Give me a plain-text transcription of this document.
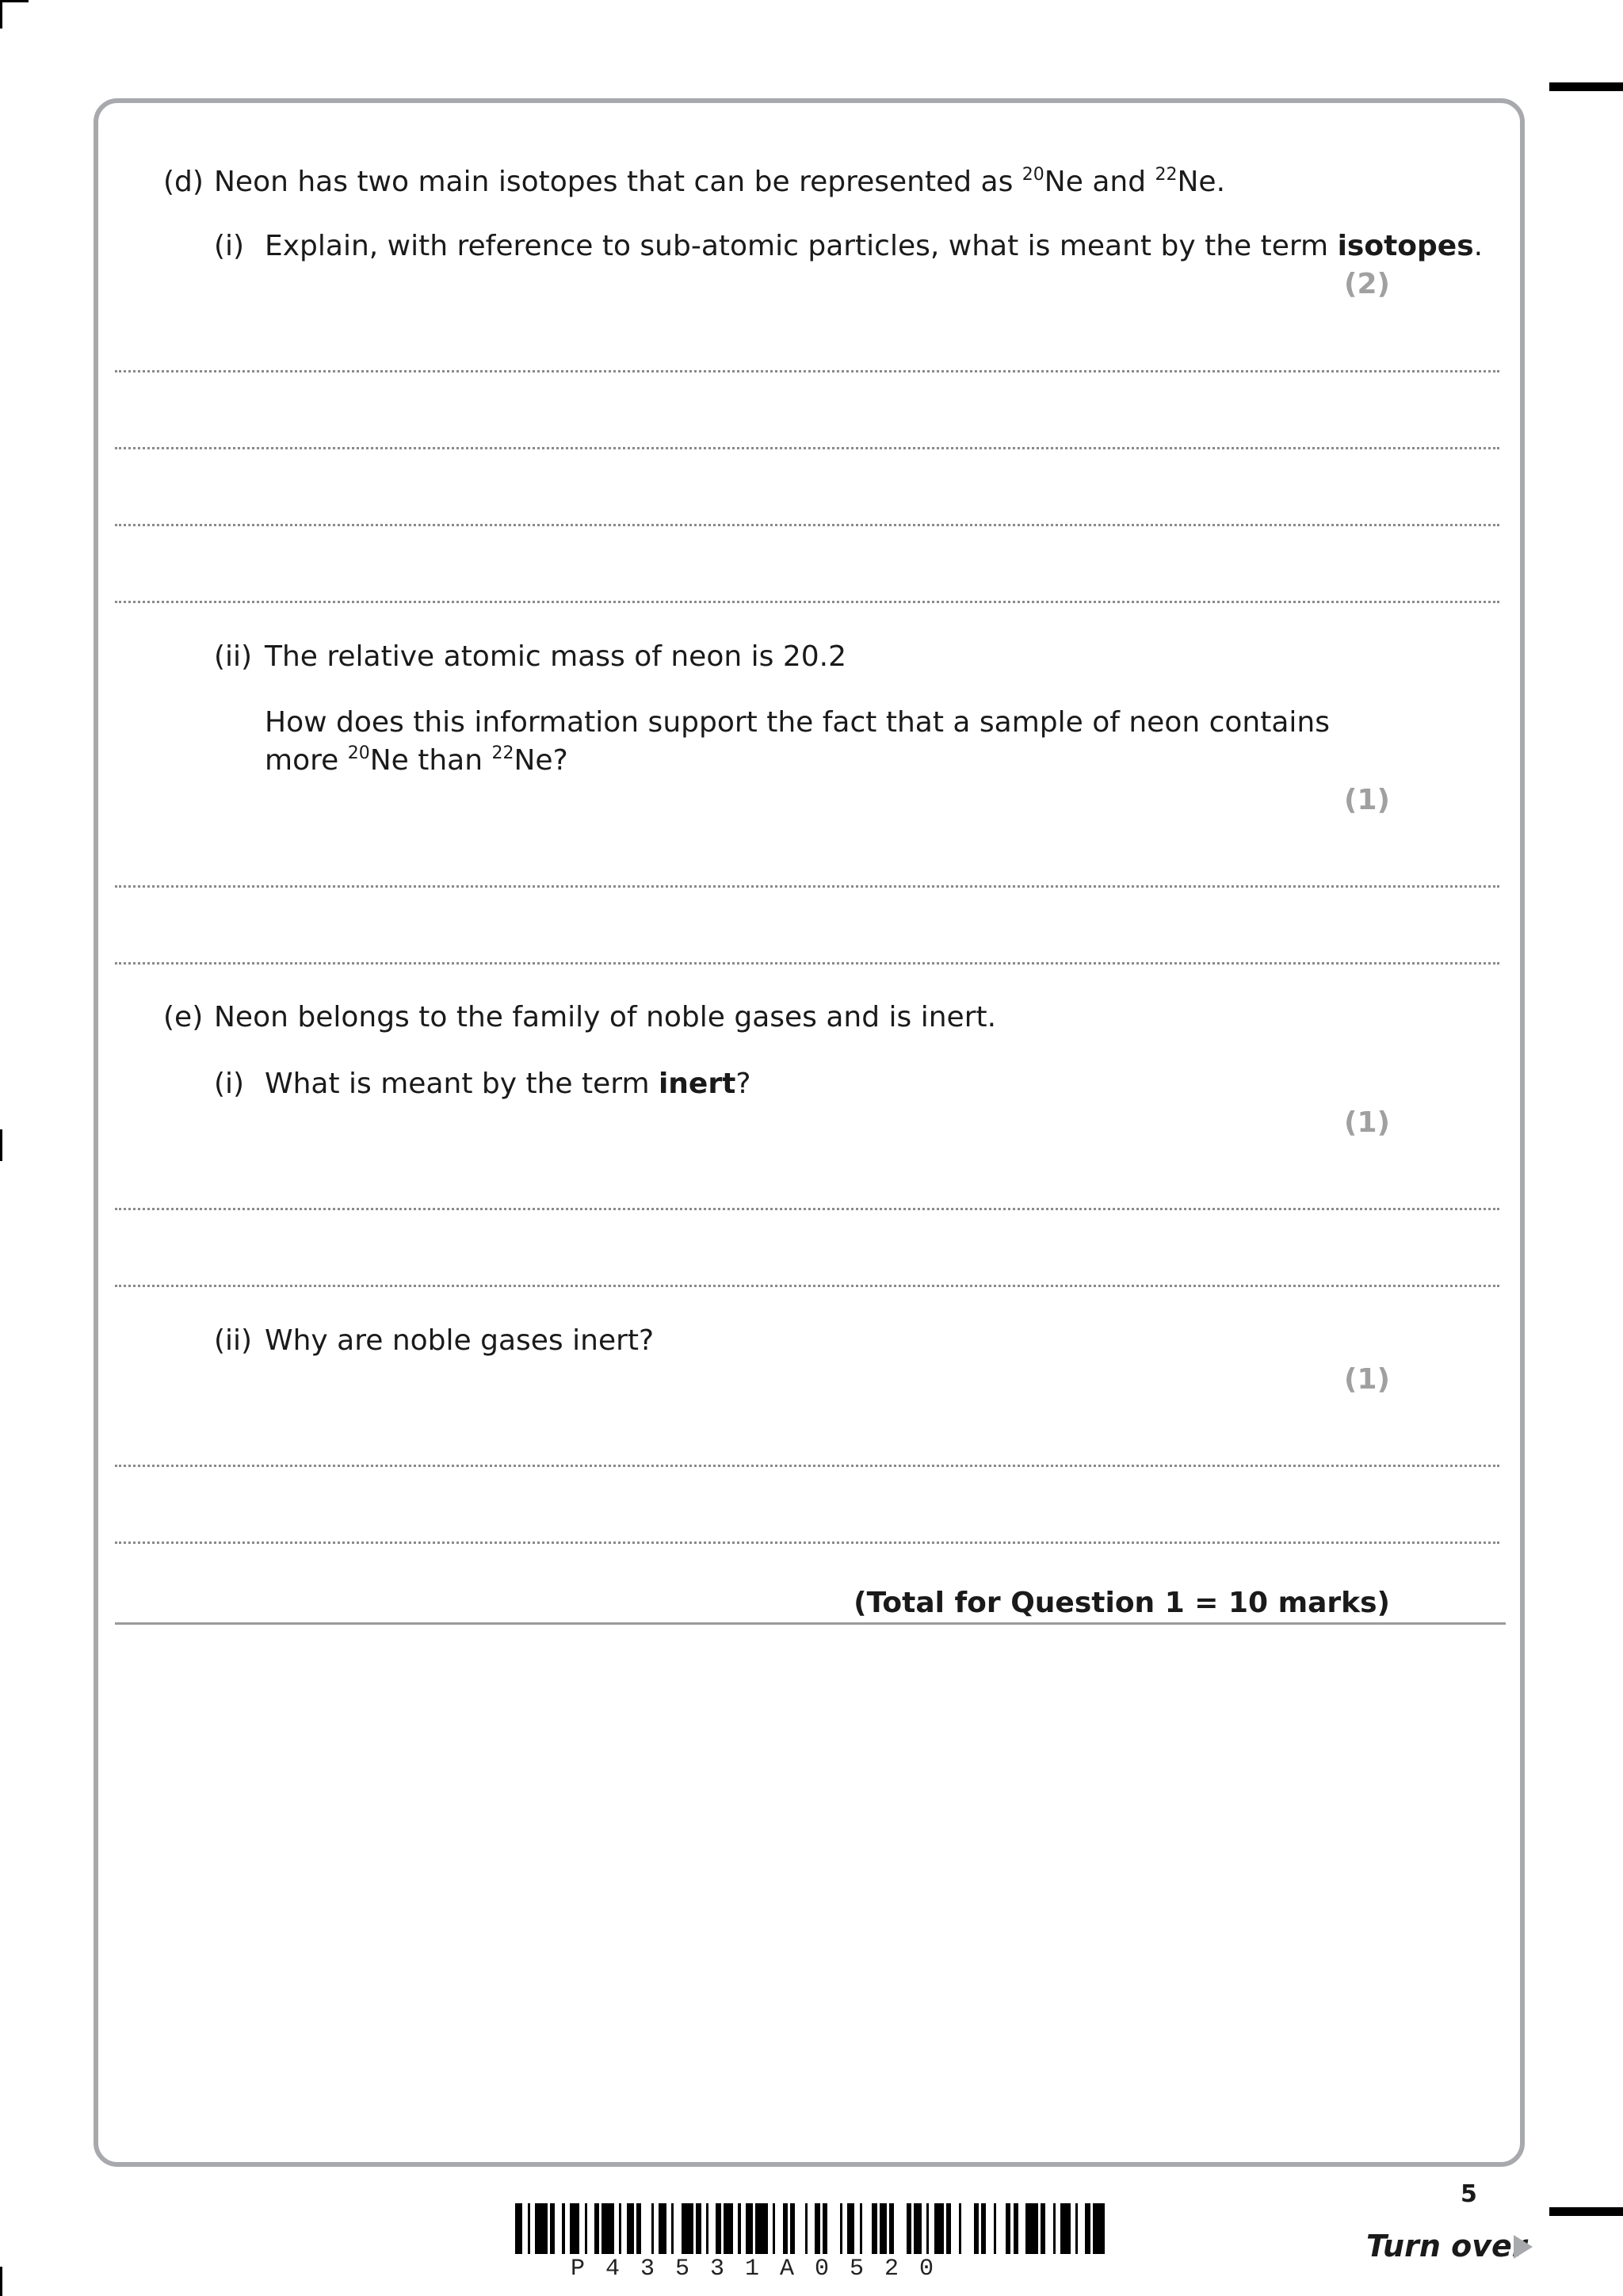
(d) Neon has two main isotopes that can be represented as $^{20}$Ne and $^{22}$Ne.
(i) Explain, with reference to sub-atomic particles, what is meant by the term isotopes.
(2)
(ii) The relative atomic mass of neon is 20.2
How does this information support the fact that a sample of neon contains
more $^{20}$Ne than $^{22}$Ne?
(1)
(e) Neon belongs to the family of noble gases and is inert.
(i) What is meant by the term inert?
(1)
(ii) Why are noble gases inert?
(1)
(Total for Question 1 = 10 marks)
5
P43531A0520
Turn over
